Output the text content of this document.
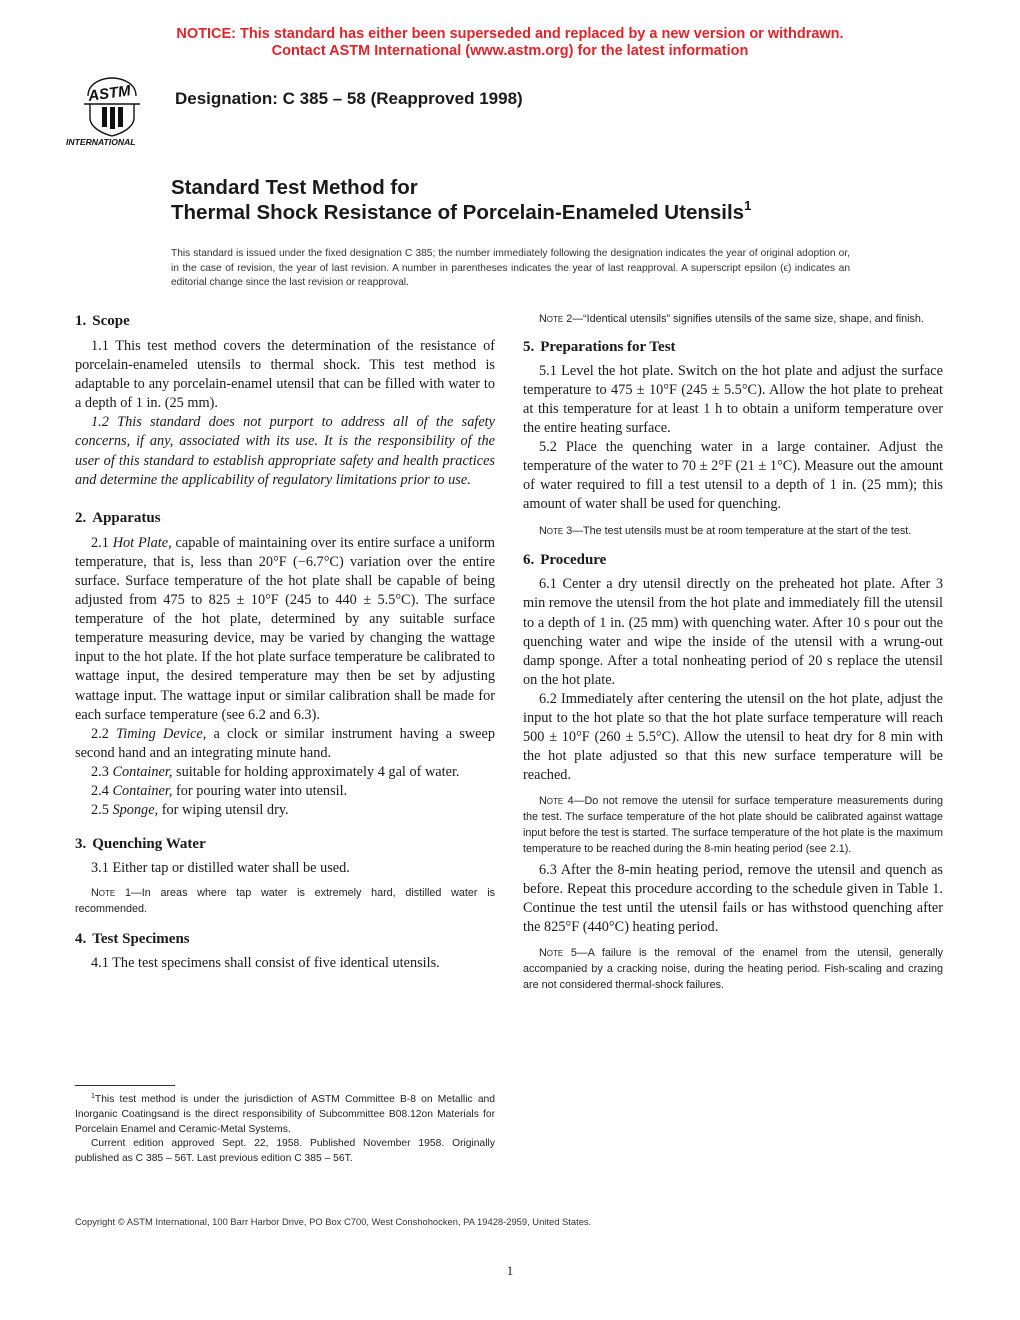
NOTICE: This standard has either been superseded and replaced by a new version or withdrawn.
Contact ASTM International (www.astm.org) for the latest information
ASTM
INTERNATIONAL
Designation: C 385 – 58 (Reapproved 1998)
Standard Test Method for
Thermal Shock Resistance of Porcelain-Enameled Utensils$^1$
This standard is issued under the fixed designation C 385; the number immediately following the designation indicates the year of original adoption or, in the case of revision, the year of last revision. A number in parentheses indicates the year of last reapproval. A superscript epsilon (ϵ) indicates an editorial change since the last revision or reapproval.
1. Scope

1.1 This test method covers the determination of the resistance of porcelain-enameled utensils to thermal shock. This test method is adaptable to any porcelain-enamel utensil that can be filled with water to a depth of 1 in. (25 mm).

1.2 This standard does not purport to address all of the safety concerns, if any, associated with its use. It is the responsibility of the user of this standard to establish appropriate safety and health practices and determine the applicability of regulatory limitations prior to use.

2. Apparatus

2.1 Hot Plate, capable of maintaining over its entire surface a uniform temperature, that is, less than 20°F (−6.7°C) variation over the entire surface. Surface temperature of the hot plate shall be capable of being adjusted from 475 to 825 ± 10°F (245 to 440 ± 5.5°C). The surface temperature of the hot plate, determined by any suitable surface temperature measuring device, may be varied by changing the wattage input to the hot plate. If the hot plate surface temperature be calibrated to wattage input, the desired temperature may then be set by adjusting wattage input. The wattage input or similar calibration shall be made for each surface temperature (see 6.2 and 6.3).

2.2 Timing Device, a clock or similar instrument having a sweep second hand and an integrating minute hand.

2.3 Container, suitable for holding approximately 4 gal of water.

2.4 Container, for pouring water into utensil.

2.5 Sponge, for wiping utensil dry.

3. Quenching Water

3.1 Either tap or distilled water shall be used.

Note 1—In areas where tap water is extremely hard, distilled water is recommended.

4. Test Specimens

4.1 The test specimens shall consist of five identical utensils.

Note 2—“Identical utensils” signifies utensils of the same size, shape, and finish.

5. Preparations for Test

5.1 Level the hot plate. Switch on the hot plate and adjust the surface temperature to 475 ± 10°F (245 ± 5.5°C). Allow the hot plate to preheat at this temperature for at least 1 h to obtain a uniform temperature over the entire heating surface.

5.2 Place the quenching water in a large container. Adjust the temperature of the water to 70 ± 2°F (21 ± 1°C). Measure out the amount of water required to fill a test utensil to a depth of 1 in. (25 mm); this amount of water shall be used for quenching.

Note 3—The test utensils must be at room temperature at the start of the test.

6. Procedure

6.1 Center a dry utensil directly on the preheated hot plate. After 3 min remove the utensil from the hot plate and immediately fill the utensil to a depth of 1 in. (25 mm) with quenching water. After 10 s pour out the quenching water and wipe the inside of the utensil with a wrung-out damp sponge. After a total nonheating period of 20 s replace the utensil on the hot plate.

6.2 Immediately after centering the utensil on the hot plate, adjust the input to the hot plate so that the hot plate surface temperature will reach 500 ± 10°F (260 ± 5.5°C). Allow the utensil to heat dry for 8 min with the hot plate adjusted so that this new surface temperature will be reached.

Note 4—Do not remove the utensil for surface temperature measurements during the test. The surface temperature of the hot plate should be calibrated against wattage input before the test is started. The surface temperature of the hot plate is the maximum temperature to be reached during the 8-min heating period (see 2.1).

6.3 After the 8-min heating period, remove the utensil and quench as before. Repeat this procedure according to the schedule given in Table 1. Continue the test until the utensil fails or has withstood quenching after the 825°F (440°C) heating period.

Note 5—A failure is the removal of the enamel from the utensil, generally accompanied by a cracking noise, during the heating period. Fish-scaling and crazing are not considered thermal-shock failures.

$^1$This test method is under the jurisdiction of ASTM Committee B-8 on Metallic and Inorganic Coatingsand is the direct responsibility of Subcommittee B08.12on Materials for Porcelain Enamel and Ceramic-Metal Systems.

Current edition approved Sept. 22, 1958. Published November 1958. Originally published as C 385 – 56T. Last previous edition C 385 – 56T.

Copyright © ASTM International, 100 Barr Harbor Drive, PO Box C700, West Conshohocken, PA 19428-2959, United States.
1
